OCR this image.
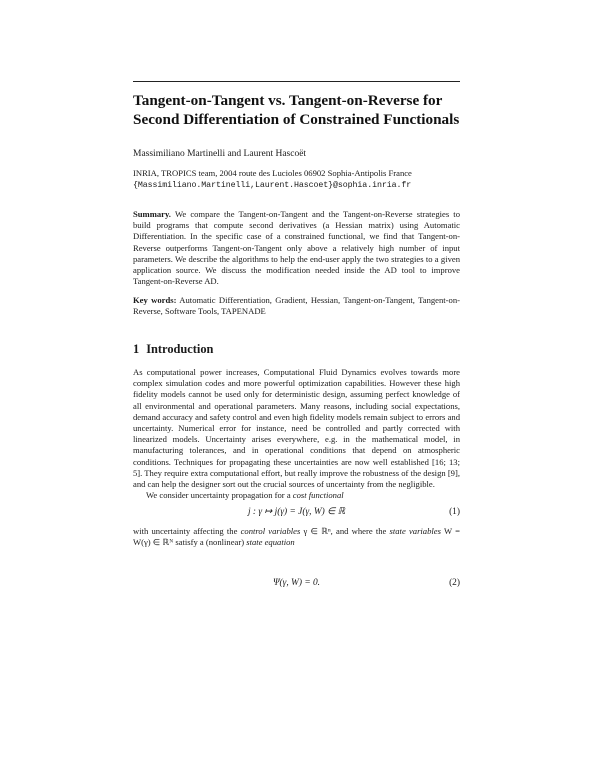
Tangent-on-Tangent vs. Tangent-on-Reverse for Second Differentiation of Constrained Functionals
Massimiliano Martinelli and Laurent Hascoët
INRIA, TROPICS team, 2004 route des Lucioles 06902 Sophia-Antipolis France
{Massimiliano.Martinelli,Laurent.Hascoet}@sophia.inria.fr
Summary. We compare the Tangent-on-Tangent and the Tangent-on-Reverse strategies to build programs that compute second derivatives (a Hessian matrix) using Automatic Differentiation. In the specific case of a constrained functional, we find that Tangent-on-Reverse outperforms Tangent-on-Tangent only above a relatively high number of input parameters. We describe the algorithms to help the end-user apply the two strategies to a given application source. We discuss the modification needed inside the AD tool to improve Tangent-on-Reverse AD.
Key words: Automatic Differentiation, Gradient, Hessian, Tangent-on-Tangent, Tangent-on-Reverse, Software Tools, TAPENADE
1 Introduction

As computational power increases, Computational Fluid Dynamics evolves towards more complex simulation codes and more powerful optimization capabilities. However these high fidelity models cannot be used only for deterministic design, assuming perfect knowledge of all environmental and operational parameters. Many reasons, including social expectations, demand accuracy and safety control and even high fidelity models remain subject to errors and uncertainty. Numerical error for instance, need be controlled and partly corrected with linearized models. Uncertainty arises everywhere, e.g. in the mathematical model, in manufacturing tolerances, and in operational conditions that depend on atmospheric conditions. Techniques for propagating these uncertainties are now well established [16; 13; 5]. They require extra computational effort, but really improve the robustness of the design [9], and can help the designer sort out the crucial sources of uncertainty from the negligible.

We consider uncertainty propagation for a cost functional

j : γ ↦ j(γ) = J(γ, W) ∈ ℝ	(1)

with uncertainty affecting the control variables γ ∈ ℝⁿ, and where the state variables W = W(γ) ∈ ℝᴺ satisfy a (nonlinear) state equation

Ψ(γ, W) = 0.	(2)
